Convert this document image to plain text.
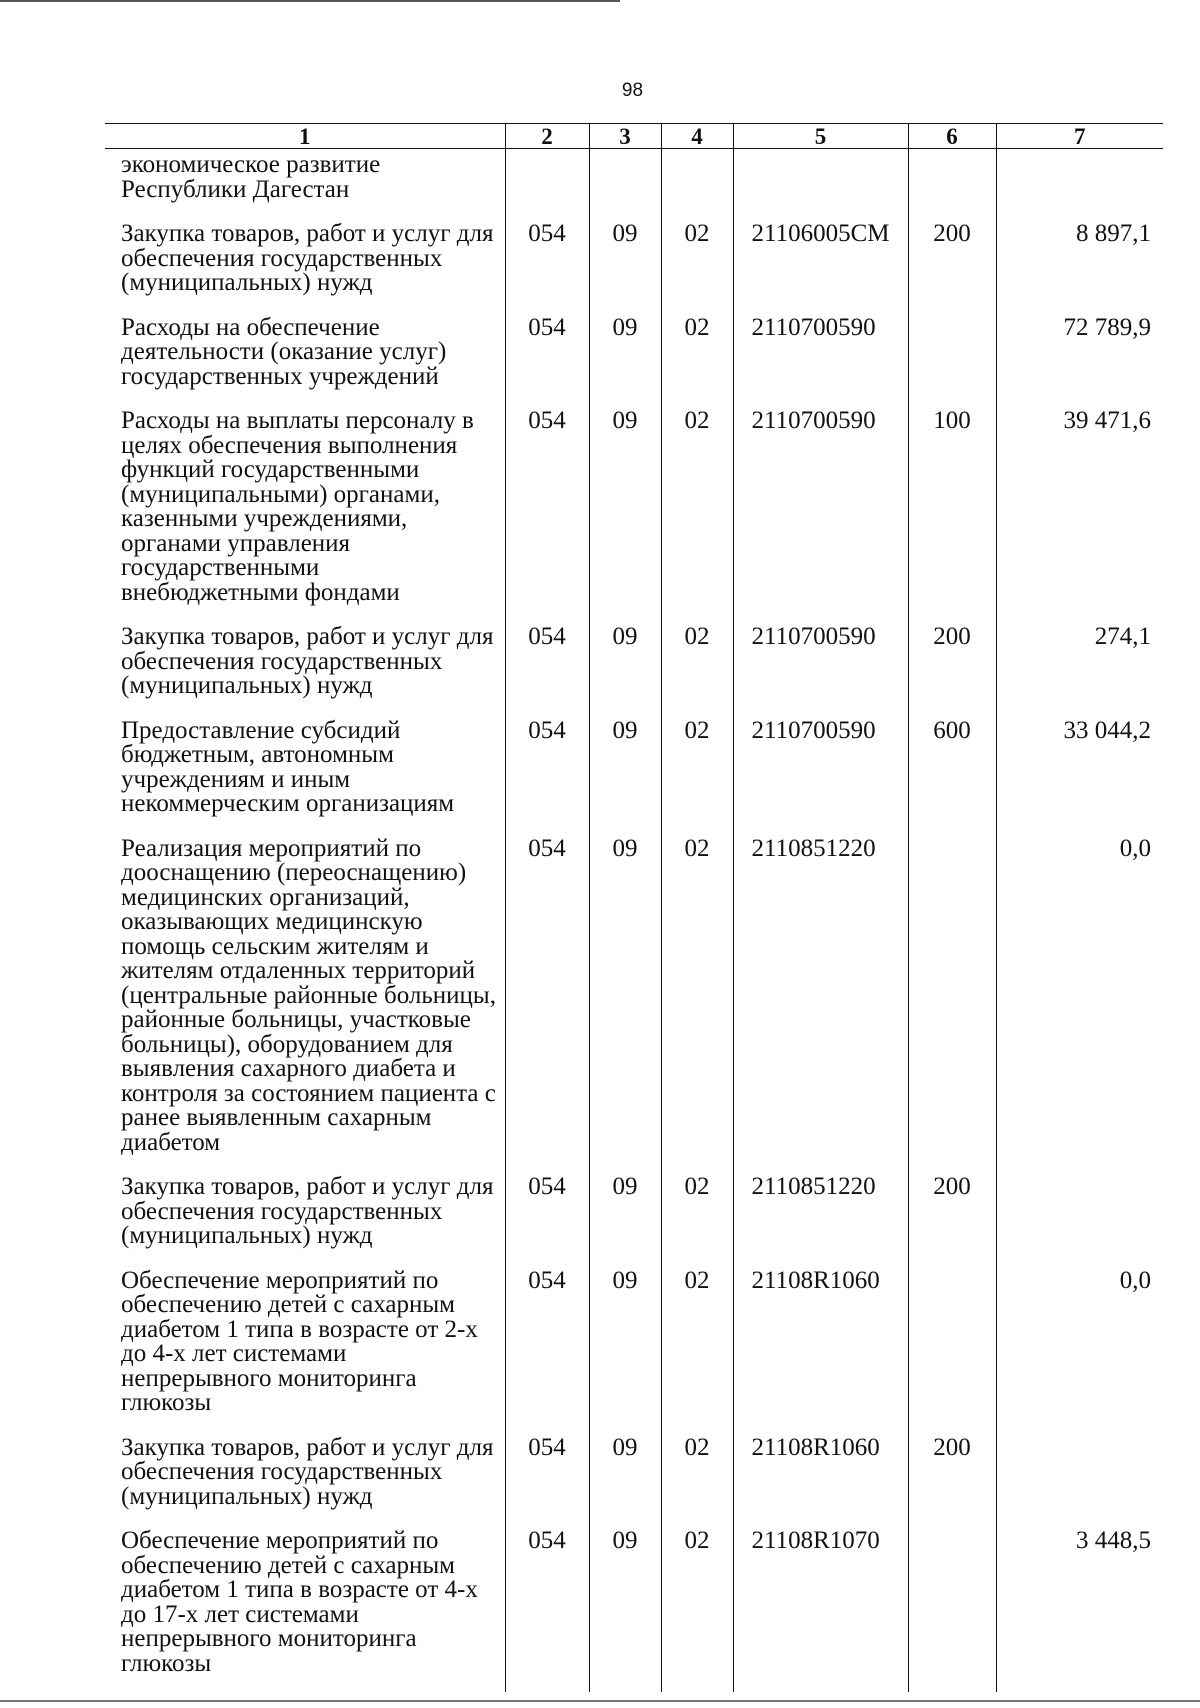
98
1	2	3	4	5	6	7
экономическое развитие Республики Дагестан						
Закупка товаров, работ и услуг для обеспечения государственных (муниципальных) нужд	054	09	02	21106005CM	200	8 897,1
Расходы на обеспечение деятельности (оказание услуг) государственных учреждений	054	09	02	2110700590		72 789,9
Расходы на выплаты персоналу в целях обеспечения выполнения функций государственными (муниципальными) органами, казенными учреждениями, органами управления государственными внебюджетными фондами	054	09	02	2110700590	100	39 471,6
Закупка товаров, работ и услуг для обеспечения государственных (муниципальных) нужд	054	09	02	2110700590	200	274,1
Предоставление субсидий бюджетным, автономным учреждениям и иным некоммерческим организациям	054	09	02	2110700590	600	33 044,2
Реализация мероприятий по дооснащению (переоснащению) медицинских организаций, оказывающих медицинскую помощь сельским жителям и жителям отдаленных территорий (центральные районные больницы, районные больницы, участковые больницы), оборудованием для выявления сахарного диабета и контроля за состоянием пациента с ранее выявленным сахарным диабетом	054	09	02	2110851220		0,0
Закупка товаров, работ и услуг для обеспечения государственных (муниципальных) нужд	054	09	02	2110851220	200	
Обеспечение мероприятий по обеспечению детей с сахарным диабетом 1 типа в возрасте от 2-х до 4-х лет системами непрерывного мониторинга глюкозы	054	09	02	21108R1060		0,0
Закупка товаров, работ и услуг для обеспечения государственных (муниципальных) нужд	054	09	02	21108R1060	200	
Обеспечение мероприятий по обеспечению детей с сахарным диабетом 1 типа в возрасте от 4-х до 17-х лет системами непрерывного мониторинга глюкозы	054	09	02	21108R1070		3 448,5
